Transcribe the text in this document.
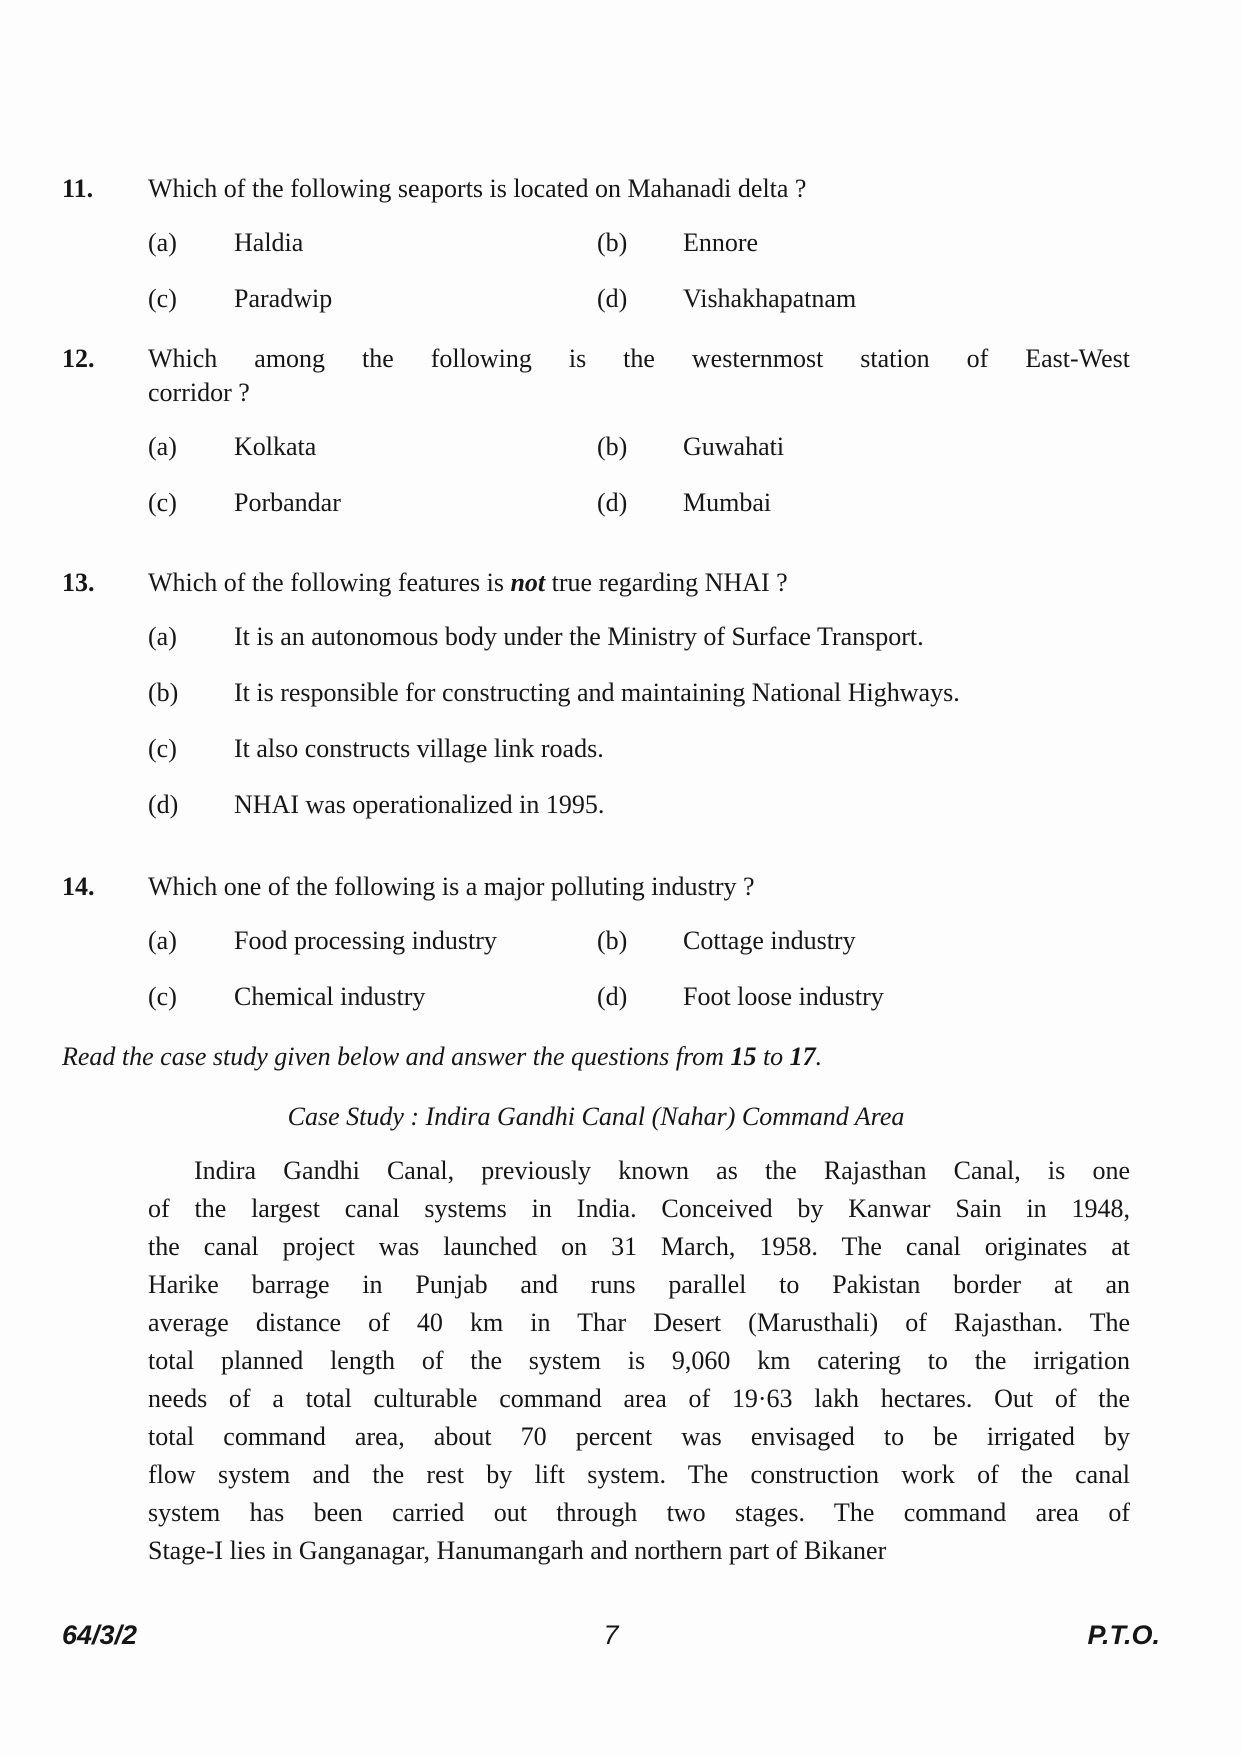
11.	Which of the following seaports is located on Mahanadi delta ?

(a)	Haldia	(b)	Ennore
(c)	Paradwip	(d)	Vishakhapatnam
12.	Which among the following is the westernmost station of East-West

corridor ?

(a)	Kolkata	(b)	Guwahati
(c)	Porbandar	(d)	Mumbai
13.	Which of the following features is not true regarding NHAI ?

(a)	It is an autonomous body under the Ministry of Surface Transport.
(b)	It is responsible for constructing and maintaining National Highways.
(c)	It also constructs village link roads.
(d)	NHAI was operationalized in 1995.
14.	Which one of the following is a major polluting industry ?

(a)	Food processing industry	(b)	Cottage industry
(c)	Chemical industry	(d)	Foot loose industry

Read the case study given below and answer the questions from 15 to 17.

Case Study : Indira Gandhi Canal (Nahar) Command Area
Indira Gandhi Canal, previously known as the Rajasthan Canal, is one
of the largest canal systems in India. Conceived by Kanwar Sain in 1948,
the canal project was launched on 31 March, 1958. The canal originates at
Harike barrage in Punjab and runs parallel to Pakistan border at an
average distance of 40 km in Thar Desert (Marusthali) of Rajasthan. The
total planned length of the system is 9,060 km catering to the irrigation
needs of a total culturable command area of 19·63 lakh hectares. Out of the
total command area, about 70 percent was envisaged to be irrigated by
flow system and the rest by lift system. The construction work of the canal
system has been carried out through two stages. The command area of
Stage-I lies in Ganganagar, Hanumangarh and northern part of Bikaner
64/3/2	7	P.T.O.
